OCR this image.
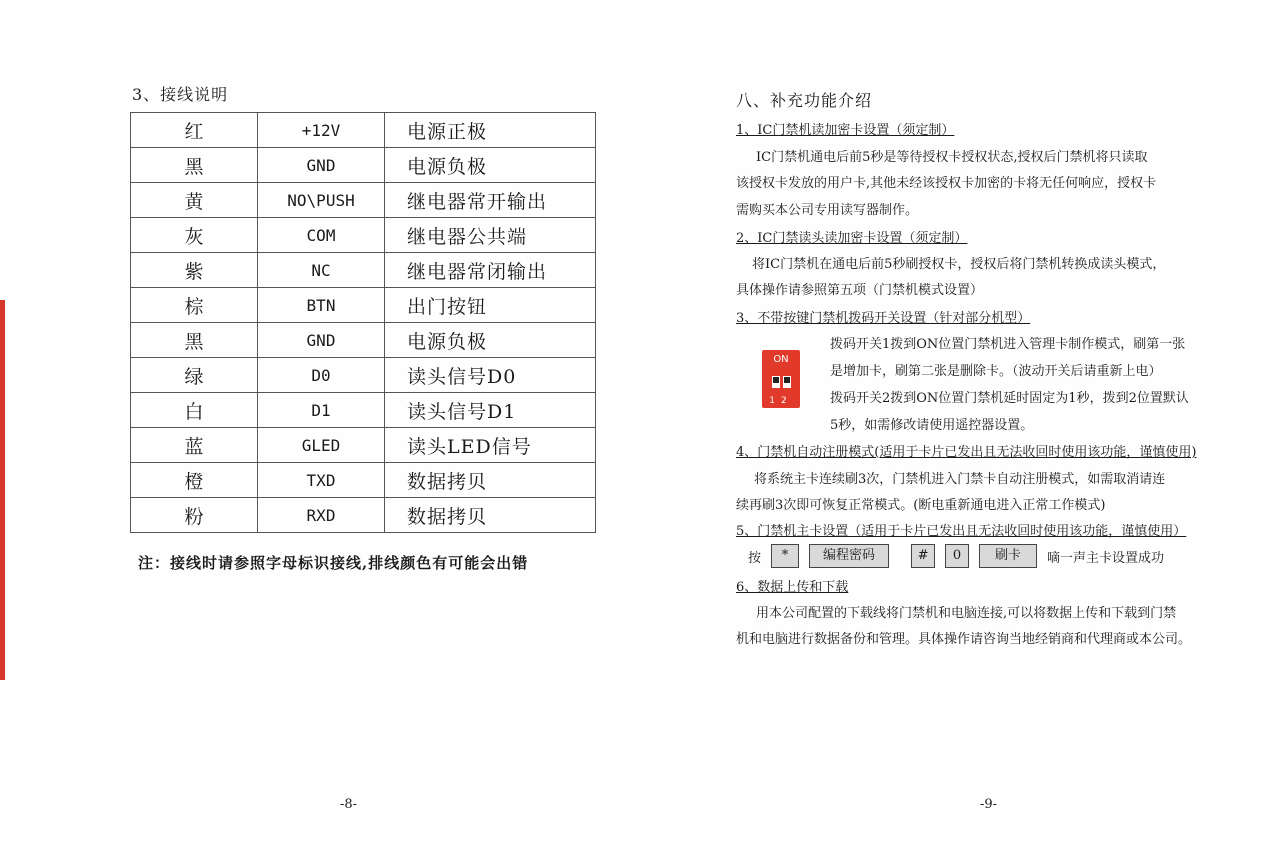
3、接线说明
红	+12V	电源正极
黑	GND	电源负极
黄	NO\PUSH	继电器常开输出
灰	COM	继电器公共端
紫	NC	继电器常闭输出
棕	BTN	出门按钮
黑	GND	电源负极
绿	D0	读头信号D0
白	D1	读头信号D1
蓝	GLED	读头LED信号
橙	TXD	数据拷贝
粉	RXD	数据拷贝
注：接线时请参照字母标识接线,排线颜色有可能会出错
-8-
八、补充功能介绍
1、IC门禁机读加密卡设置（须定制）
IC门禁机通电后前5秒是等待授权卡授权状态,授权后门禁机将只读取
该授权卡发放的用户卡,其他未经该授权卡加密的卡将无任何响应，授权卡
需购买本公司专用读写器制作。
2、IC门禁读头读加密卡设置（须定制）
将IC门禁机在通电后前5秒刷授权卡，授权后将门禁机转换成读头模式，
具体操作请参照第五项（门禁机模式设置）
3、不带按键门禁机拨码开关设置（针对部分机型）
ON
12
拨码开关1拨到ON位置门禁机进入管理卡制作模式，刷第一张
是增加卡，刷第二张是删除卡。（波动开关后请重新上电）
拨码开关2拨到ON位置门禁机延时固定为1秒，拨到2位置默认
5秒，如需修改请使用遥控器设置。
4、门禁机自动注册模式(适用于卡片已发出且无法收回时使用该功能，谨慎使用)
将系统主卡连续刷3次，门禁机进入门禁卡自动注册模式，如需取消请连
续再刷3次即可恢复正常模式。(断电重新通电进入正常工作模式)
5、门禁机主卡设置（适用于卡片已发出且无法收回时使用该功能，谨慎使用）
按	*	编程密码	#	0	刷卡	嘀一声主卡设置成功
6、数据上传和下载
用本公司配置的下载线将门禁机和电脑连接,可以将数据上传和下载到门禁
机和电脑进行数据备份和管理。具体操作请咨询当地经销商和代理商或本公司。
-9-
